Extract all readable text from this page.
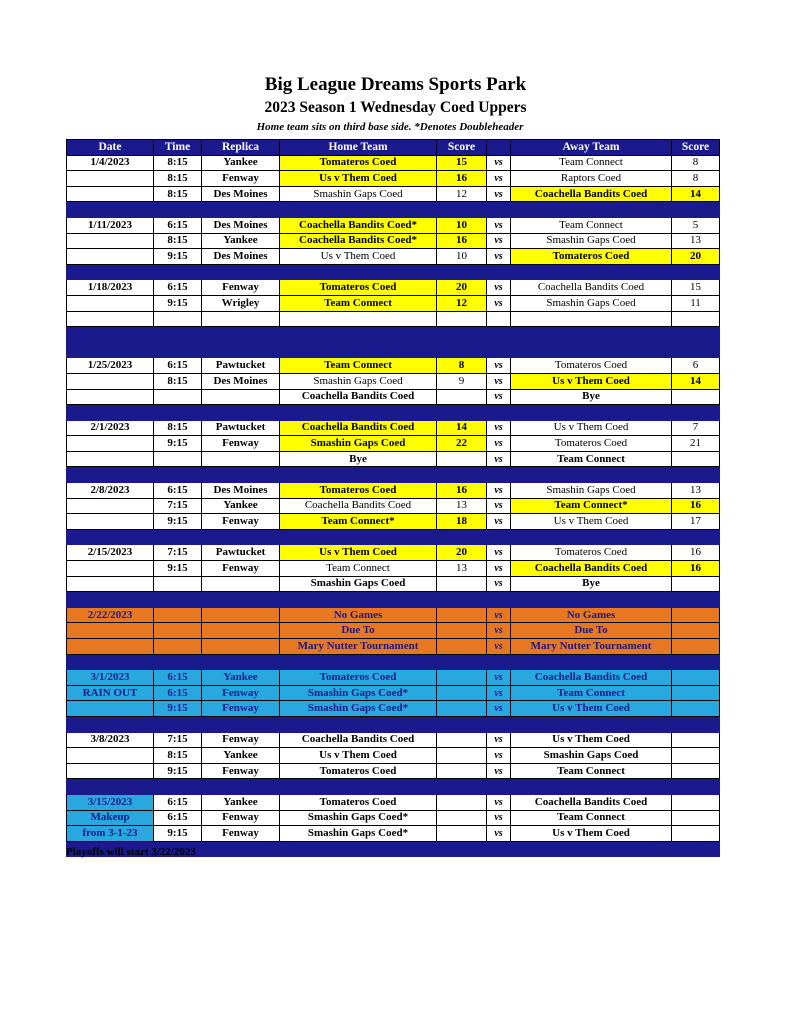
Big League Dreams Sports Park
2023 Season 1 Wednesday Coed Uppers
Home team sits on third base side. *Denotes Doubleheader
Date	Time	Replica	Home Team	Score		Away Team	Score
1/4/2023	8:15	Yankee	Tomateros Coed	15	vs	Team Connect	8
	8:15	Fenway	Us v Them Coed	16	vs	Raptors Coed	8
	8:15	Des Moines	Smashin Gaps Coed	12	vs	Coachella Bandits Coed	14

1/11/2023	6:15	Des Moines	Coachella Bandits Coed*	10	vs	Team Connect	5
	8:15	Yankee	Coachella Bandits Coed*	16	vs	Smashin Gaps Coed	13
	9:15	Des Moines	Us v Them Coed	10	vs	Tomateros Coed	20

1/18/2023	6:15	Fenway	Tomateros Coed	20	vs	Coachella Bandits Coed	15
	9:15	Wrigley	Team Connect	12	vs	Smashin Gaps Coed	11

1/25/2023	6:15	Pawtucket	Team Connect	8	vs	Tomateros Coed	6
	8:15	Des Moines	Smashin Gaps Coed	9	vs	Us v Them Coed	14
			Coachella Bandits Coed		vs	Bye	

2/1/2023	8:15	Pawtucket	Coachella Bandits Coed	14	vs	Us v Them Coed	7
	9:15	Fenway	Smashin Gaps Coed	22	vs	Tomateros Coed	21
			Bye		vs	Team Connect	

2/8/2023	6:15	Des Moines	Tomateros Coed	16	vs	Smashin Gaps Coed	13
	7:15	Yankee	Coachella Bandits Coed	13	vs	Team Connect*	16
	9:15	Fenway	Team Connect*	18	vs	Us v Them Coed	17

2/15/2023	7:15	Pawtucket	Us v Them Coed	20	vs	Tomateros Coed	16
	9:15	Fenway	Team Connect	13	vs	Coachella Bandits Coed	16
			Smashin Gaps Coed		vs	Bye	

2/22/2023			No Games		vs	No Games	
			Due To		vs	Due To	
			Mary Nutter Tournament		vs	Mary Nutter Tournament	

3/1/2023	6:15	Yankee	Tomateros Coed		vs	Coachella Bandits Coed	
RAIN OUT	6:15	Fenway	Smashin Gaps Coed*		vs	Team Connect	
	9:15	Fenway	Smashin Gaps Coed*		vs	Us v Them Coed	

3/8/2023	7:15	Fenway	Coachella Bandits Coed		vs	Us v Them Coed	
	8:15	Yankee	Us v Them Coed		vs	Smashin Gaps Coed	
	9:15	Fenway	Tomateros Coed		vs	Team Connect	

3/15/2023	6:15	Yankee	Tomateros Coed		vs	Coachella Bandits Coed	
Makeup	6:15	Fenway	Smashin Gaps Coed*		vs	Team Connect	
from 3-1-23	9:15	Fenway	Smashin Gaps Coed*		vs	Us v Them Coed	

Playoffs will start 3/22/2023
